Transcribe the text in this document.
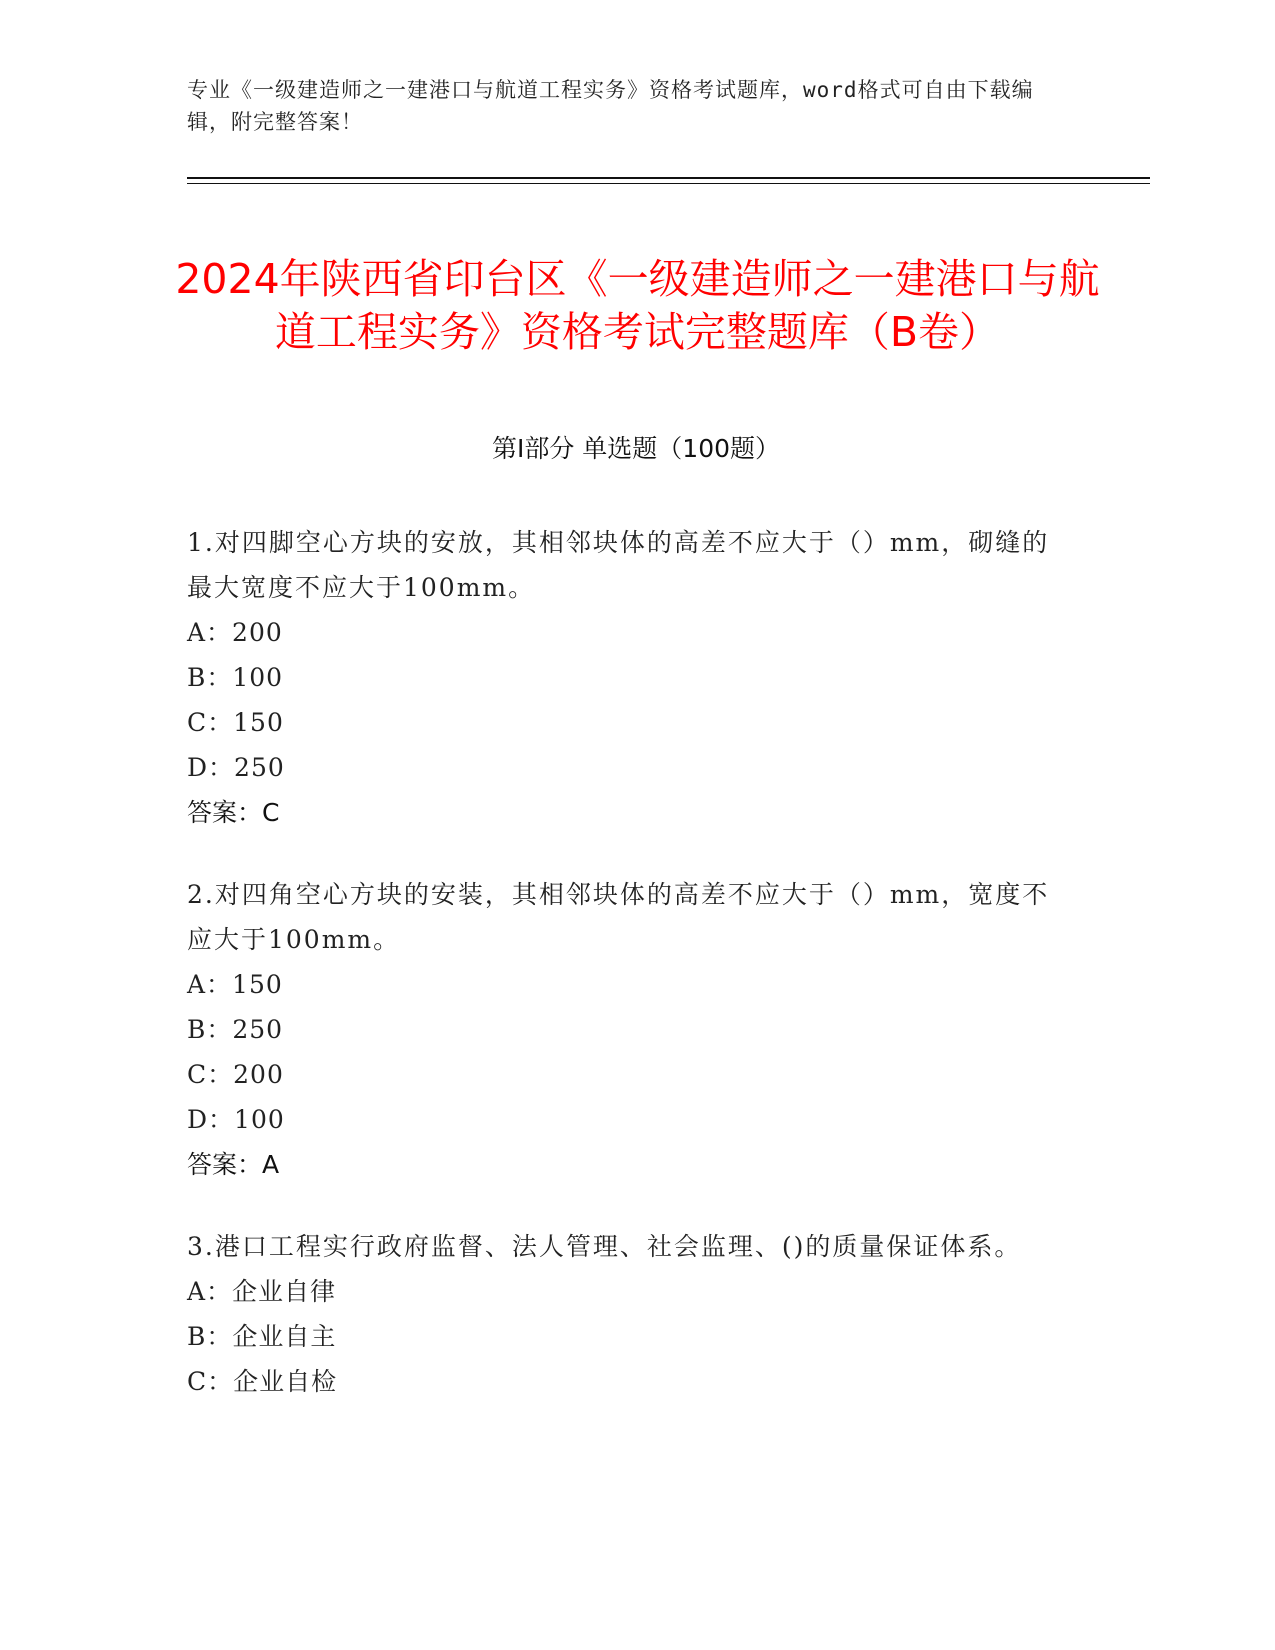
专业《一级建造师之一建港口与航道工程实务》资格考试题库，word格式可自由下载编辑，附完整答案！
2024年陕西省印台区《一级建造师之一建港口与航道工程实务》资格考试完整题库（B卷）
第I部分 单选题（100题）
1.对四脚空心方块的安放，其相邻块体的高差不应大于（）mm，砌缝的最大宽度不应大于100mm。
A：200
B：100
C：150
D：250
答案：C
2.对四角空心方块的安装，其相邻块体的高差不应大于（）mm，宽度不应大于100mm。
A：150
B：250
C：200
D：100
答案：A
3.港口工程实行政府监督、法人管理、社会监理、()的质量保证体系。
A：企业自律
B：企业自主
C：企业自检
